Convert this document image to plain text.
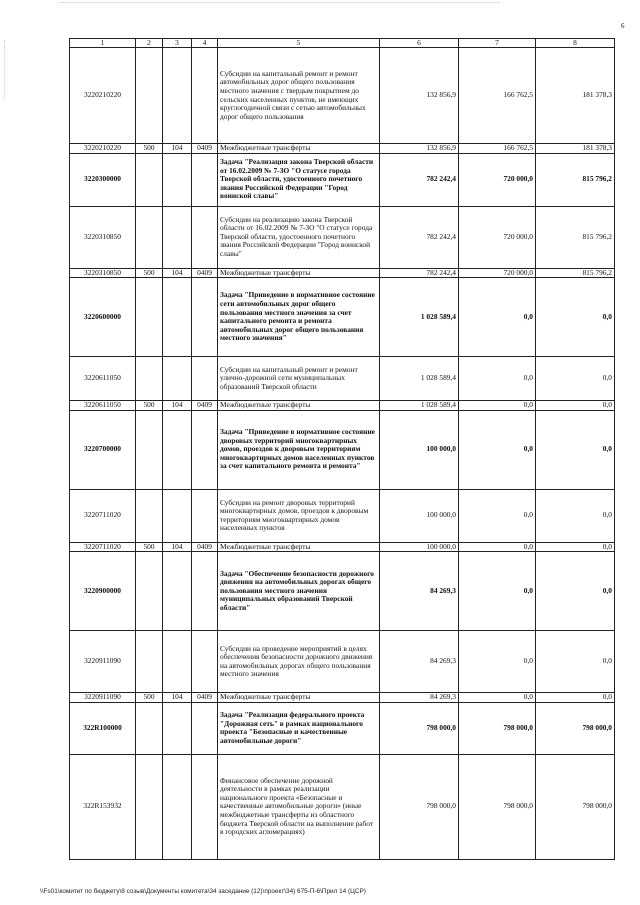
6
1	2	3	4	5	6	7	8
3220210220				Субсидии на капитальный ремонт и ремонт автомобильных дорог общего пользования местного значения с твердым покрытием до сельских населенных пунктов, не имеющих круглогодичной связи с сетью автомобильных дорог общего пользования	132 856,9	166 762,5	181 378,3
3220210220	500	104	0409	Межбюджетные трансферты	132 856,9	166 762,5	181 378,3
3220300000				Задача "Реализация закона Тверской области от 16.02.2009 № 7-ЗО "О статусе города Тверской области, удостоенного почетного звания Российской Федерации "Город воинской славы"	782 242,4	720 000,0	815 796,2
3220310850				Субсидии на реализацию закона Тверской области от 16.02.2009 № 7-ЗО "О статусе города Тверской области, удостоенного почетного звания Российской Федерации "Город воинской славы"	782 242,4	720 000,0	815 796,2
3220310850	500	104	0409	Межбюджетные трансферты	782 242,4	720 000,0	815 796,2
3220600000				Задача "Приведение в нормативное состояние сети автомобильных дорог общего пользования местного значения за счет капитального ремонта и ремонта автомобильных дорог общего пользования местного значения"	1 028 589,4	0,0	0,0
3220611050				Субсидии на капитальный ремонт и ремонт улично-дорожной сети муниципальных образований Тверской области	1 028 589,4	0,0	0,0
3220611050	500	104	0409	Межбюджетные трансферты	1 028 589,4	0,0	0,0
3220700000				Задача "Приведение в нормативное состояние дворовых территорий многоквартирных домов, проездов к дворовым территориям многоквартирных домов населенных пунктов за счет капитального ремонта и ремонта"	100 000,0	0,0	0,0
3220711020				Субсидии на ремонт дворовых территорий многоквартирных домов, проездов к дворовым территориям многоквартирных домов населенных пунктов	100 000,0	0,0	0,0
3220711020	500	104	0409	Межбюджетные трансферты	100 000,0	0,0	0,0
3220900000				Задача "Обеспечение безопасности дорожного движения на автомобильных дорогах общего пользования местного значения муниципальных образований Тверской области"	84 269,3	0,0	0,0
3220911090				Субсидии на проведение мероприятий в целях обеспечения безопасности дорожного движения на автомобильных дорогах общего пользования местного значения	84 269,3	0,0	0,0
3220911090	500	104	0409	Межбюджетные трансферты	84 269,3	0,0	0,0
322R100000				Задача "Реализация федерального проекта "Дорожная сеть" в рамках национального проекта "Безопасные и качественные автомобильные дороги"	798 000,0	798 000,0	798 000,0
322R153932				Финансовое обеспечение дорожной деятельности в рамках реализации национального проекта «Безопасные и качественные автомобильные дороги» (иные межбюджетные трансферты из областного бюджета Тверской области на выполнение работ в городских агломерациях)	798 000,0	798 000,0	798 000,0
\\Fs01\комитет по бюджету\8 созыв\Документы комитета\34 заседание (12)\проект\34) 675-П-6\Прил 14 (ЦСР)
